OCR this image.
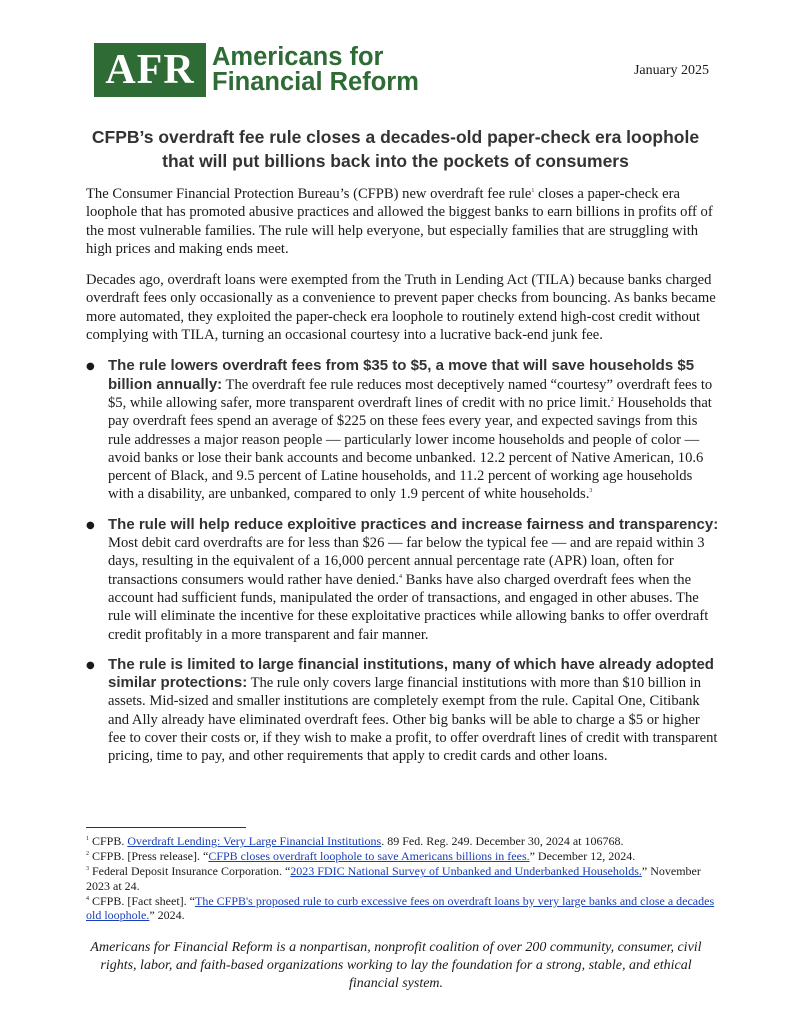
AFR Americans for
Financial Reform	January 2025
CFPB’s overdraft fee rule closes a decades-old paper-check era loophole
that will put billions back into the pockets of consumers

The Consumer Financial Protection Bureau’s (CFPB) new overdraft fee rule$^1$ closes a paper-check era loophole that has promoted abusive practices and allowed the biggest banks to earn billions in profits off of the most vulnerable families. The rule will help everyone, but especially families that are struggling with high prices and making ends meet.

Decades ago, overdraft loans were exempted from the Truth in Lending Act (TILA) because banks charged overdraft fees only occasionally as a convenience to prevent paper checks from bouncing. As banks became more automated, they exploited the paper-check era loophole to routinely extend high-cost credit without complying with TILA, turning an occasional courtesy into a lucrative back-end junk fee.

● The rule lowers overdraft fees from $35 to $5, a move that will save households $5 billion annually: The overdraft fee rule reduces most deceptively named “courtesy” overdraft fees to $5, while allowing safer, more transparent overdraft lines of credit with no price limit.$^2$ Households that pay overdraft fees spend an average of $225 on these fees every year, and expected savings from this rule addresses a major reason people — particularly lower income households and people of color — avoid banks or lose their bank accounts and become unbanked. 12.2 percent of Native American, 10.6 percent of Black, and 9.5 percent of Latine households, and 11.2 percent of working age households with a disability, are unbanked, compared to only 1.9 percent of white households.$^3$
● The rule will help reduce exploitive practices and increase fairness and transparency: Most debit card overdrafts are for less than $26 — far below the typical fee — and are repaid within 3 days, resulting in the equivalent of a 16,000 percent annual percentage rate (APR) loan, often for transactions consumers would rather have denied.$^4$ Banks have also charged overdraft fees when the account had sufficient funds, manipulated the order of transactions, and engaged in other abuses. The rule will eliminate the incentive for these exploitative practices while allowing banks to offer overdraft credit profitably in a more transparent and fair manner.
● The rule is limited to large financial institutions, many of which have already adopted similar protections: The rule only covers large financial institutions with more than $10 billion in assets. Mid-sized and smaller institutions are completely exempt from the rule. Capital One, Citibank and Ally already have eliminated overdraft fees. Other big banks will be able to charge a $5 or higher fee to cover their costs or, if they wish to make a profit, to offer overdraft lines of credit with transparent pricing, time to pay, and other requirements that apply to credit cards and other loans.
$^1$ CFPB. Overdraft Lending: Very Large Financial Institutions. 89 Fed. Reg. 249. December 30, 2024 at 106768.
$^2$ CFPB. [Press release]. “CFPB closes overdraft loophole to save Americans billions in fees.” December 12, 2024.
$^3$ Federal Deposit Insurance Corporation. “2023 FDIC National Survey of Unbanked and Underbanked Households.” November 2023 at 24.
$^4$ CFPB. [Fact sheet]. “The CFPB's proposed rule to curb excessive fees on overdraft loans by very large banks and close a decades old loophole.” 2024.
Americans for Financial Reform is a nonpartisan, nonprofit coalition of over 200 community, consumer, civil rights, labor, and faith-based organizations working to lay the foundation for a strong, stable, and ethical financial system.
